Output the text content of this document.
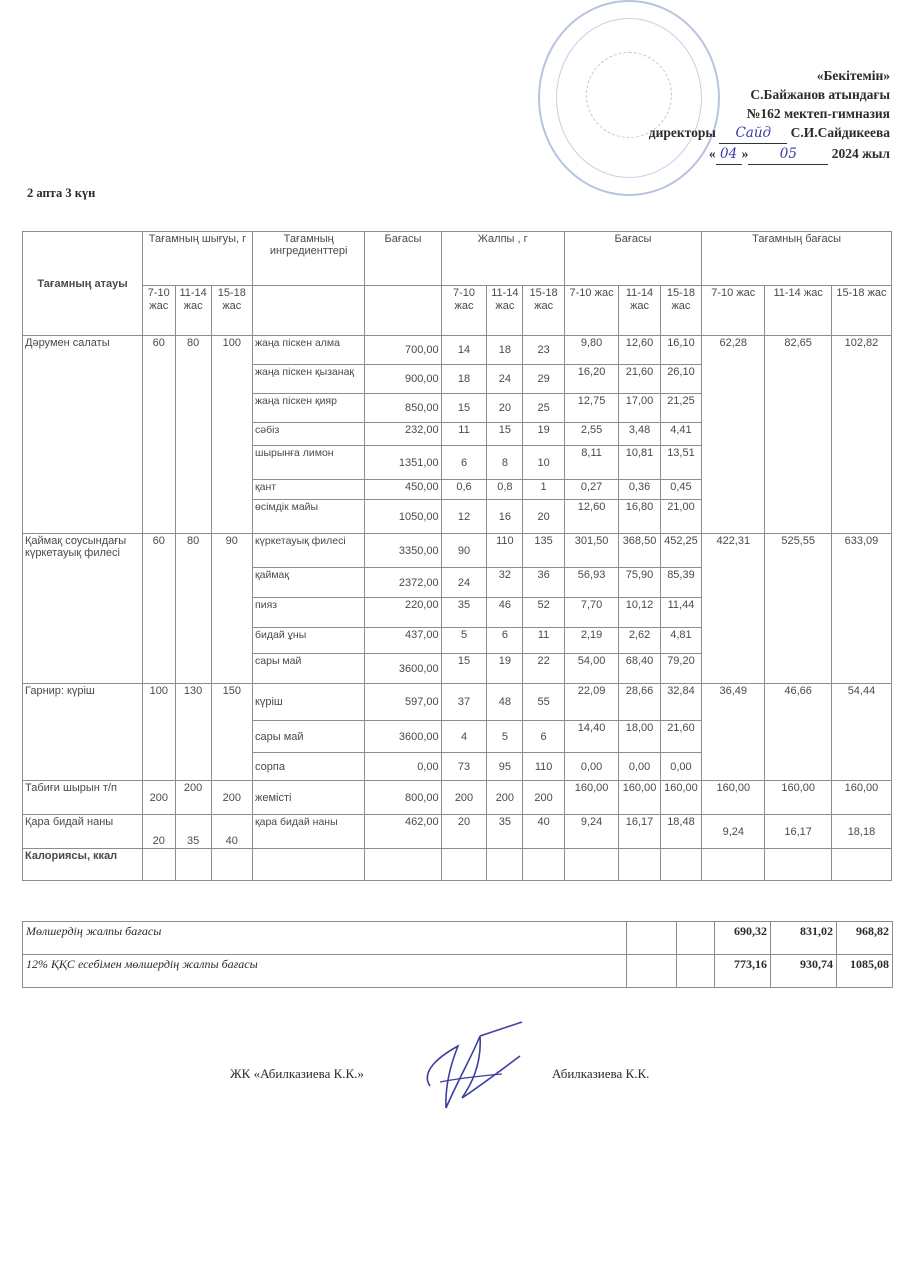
«Бекітемін»
С.Байжанов атындағы
№162 мектеп-гимназия
директоры Сайд С.И.Сайдикеева
« 04 » 05	2024 жыл
2 апта 3 күн
Тағамның атауы	Тағамның шығуы, г			Тағамның ингредиенттері	Бағасы	Жалпы , г			Бағасы			Тағамның бағасы		
	7-10 жас	11-14 жас	15-18 жас			7-10 жас	11-14 жас	15-18 жас	7-10 жас	11-14 жас	15-18 жас	7-10 жас	11-14 жас	15-18 жас
Дәрумен салаты	60	80	100	жаңа піскен алма	700,00	14	18	23	9,80	12,60	16,10	62,28	82,65	102,82
				жаңа піскен қызанақ	900,00	18	24	29	16,20	21,60	26,10			
				жаңа піскен қияр	850,00	15	20	25	12,75	17,00	21,25			
				сәбіз	232,00	11	15	19	2,55	3,48	4,41			
				шырынға лимон	1351,00	6	8	10	8,11	10,81	13,51			
				қант	450,00	0,6	0,8	1	0,27	0,36	0,45			
				өсімдік майы	1050,00	12	16	20	12,60	16,80	21,00			
Қаймақ соусындағы күркетауық филесі	60	80	90	күркетауық филесі	3350,00	90	110	135	301,50	368,50	452,25	422,31	525,55	633,09
				қаймақ	2372,00	24	32	36	56,93	75,90	85,39			
				пияз	220,00	35	46	52	7,70	10,12	11,44			
				бидай ұны	437,00	5	6	11	2,19	2,62	4,81			
				сары май	3600,00	15	19	22	54,00	68,40	79,20			
Гарнир: күріш	100	130	150	күріш	597,00	37	48	55	22,09	28,66	32,84	36,49	46,66	54,44
				сары май	3600,00	4	5	6	14,40	18,00	21,60			
				сорпа	0,00	73	95	110	0,00	0,00	0,00			
Табиғи шырын т/п	200	200	200	жемісті	800,00	200	200	200	160,00	160,00	160,00	160,00	160,00	160,00
Қара бидай наны	20	35	40	қара бидай наны	462,00	20	35	40	9,24	16,17	18,48	9,24	16,17	18,18
Калориясы, ккал														
Мөлшердің жалпы бағасы			690,32	831,02	968,82
12% ҚҚС есебімен мөлшердің жалпы бағасы			773,16	930,74	1085,08
ЖК «Абилказиева К.К.»	Абилказиева К.К.
